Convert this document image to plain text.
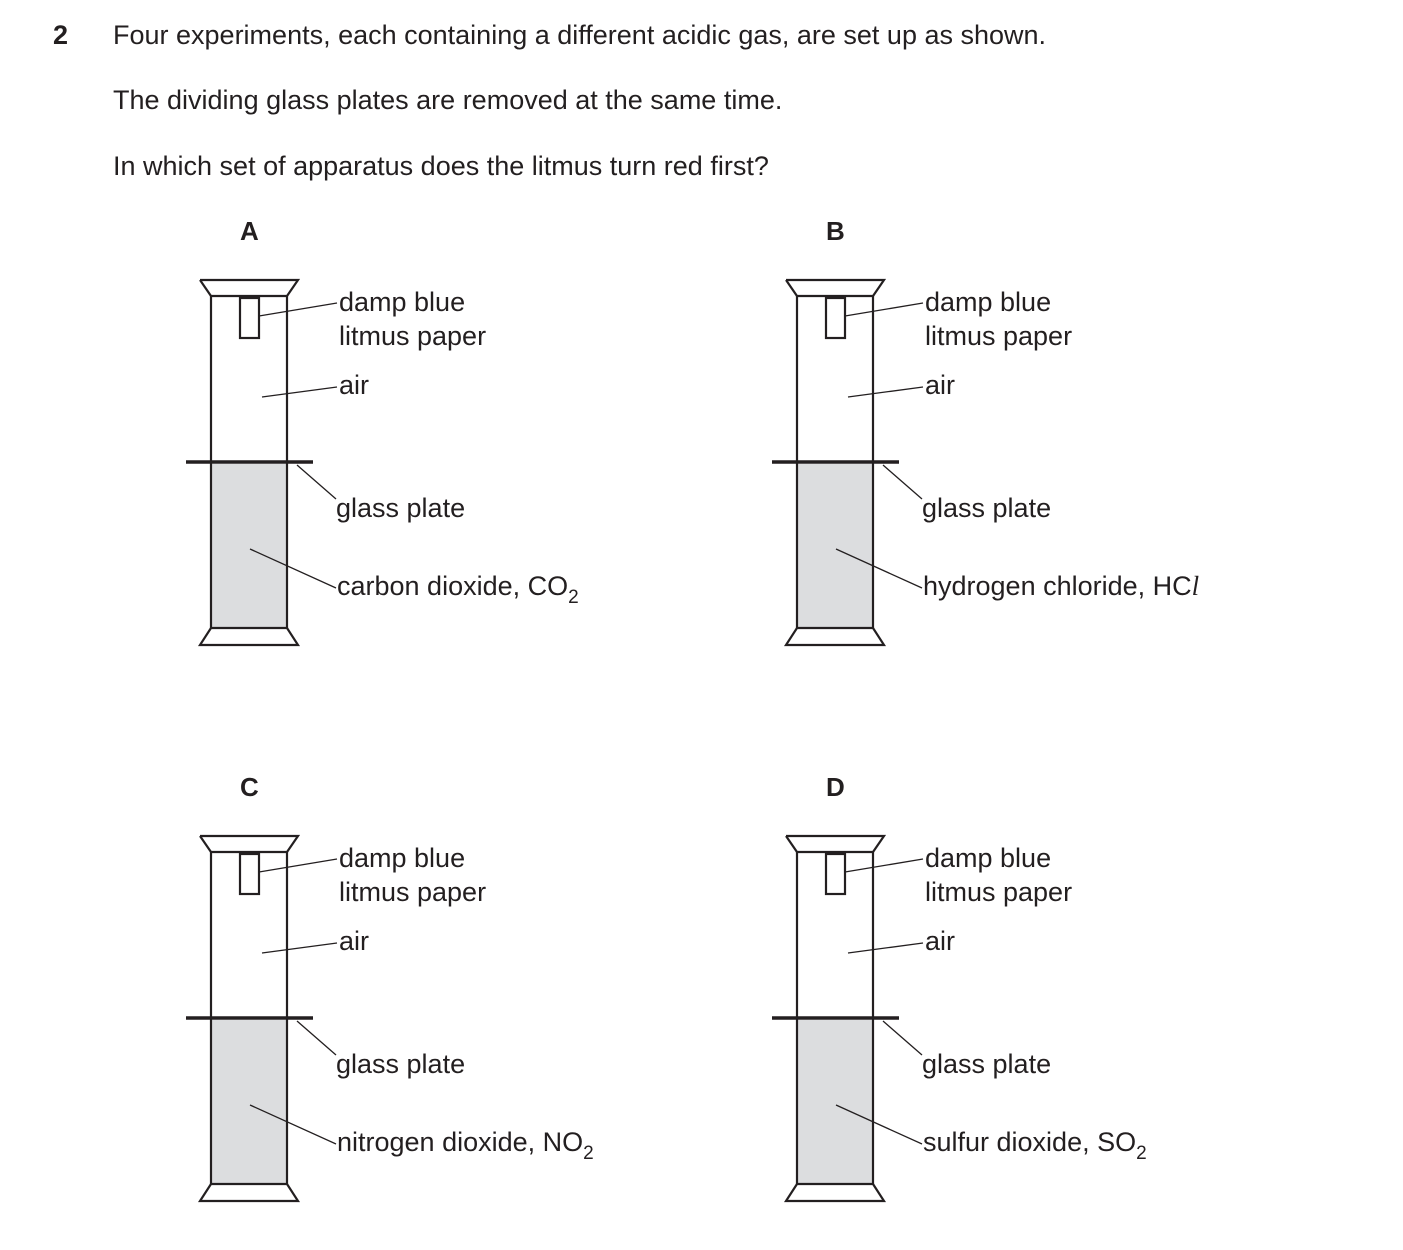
2 Four experiments, each containing a different acidic gas, are set up as shown.
The dividing glass plates are removed at the same time.
In which set of apparatus does the litmus turn red first?
A
damp blue
litmus paper
air
glass plate
carbon dioxide, $CO_2$
B
damp blue
litmus paper
air
glass plate
hydrogen chloride, HCl
C
damp blue
litmus paper
air
glass plate
nitrogen dioxide, $NO_2$
D
damp blue
litmus paper
air
glass plate
sulfur dioxide, $SO_2$
